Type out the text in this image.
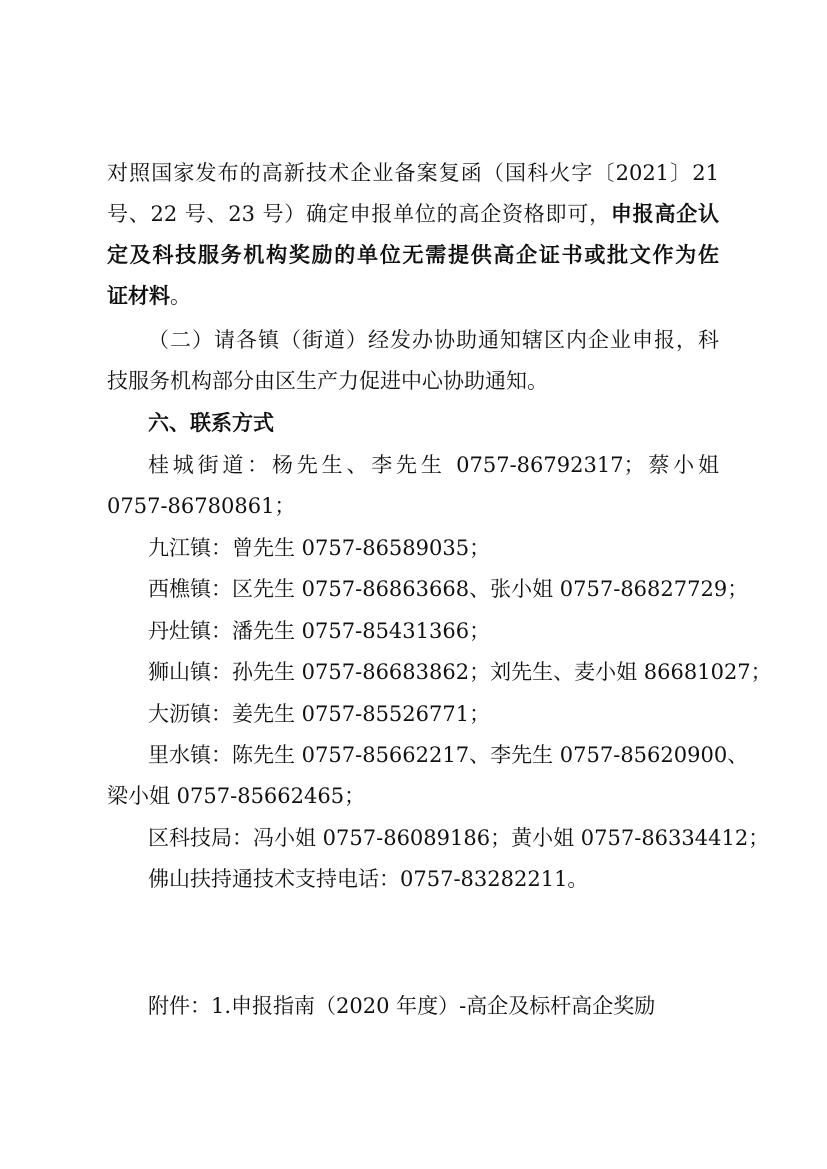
对照国家发布的高新技术企业备案复函（国科火字〔2021〕21
号、22 号、23 号）确定申报单位的高企资格即可，申报高企认
定及科技服务机构奖励的单位无需提供高企证书或批文作为佐
证材料。
（二）请各镇（街道）经发办协助通知辖区内企业申报，科
技服务机构部分由区生产力促进中心协助通知。
六、联系方式
桂城街道：杨先生、李先生 0757-86792317；蔡小姐
0757-86780861；
九江镇：曾先生 0757-86589035；
西樵镇：区先生 0757-86863668、张小姐 0757-86827729；
丹灶镇：潘先生 0757-85431366；
狮山镇：孙先生 0757-86683862；刘先生、麦小姐 86681027；
大沥镇：姜先生 0757-85526771；
里水镇：陈先生 0757-85662217、李先生 0757-85620900、
梁小姐 0757-85662465；
区科技局：冯小姐 0757-86089186；黄小姐 0757-86334412；
佛山扶持通技术支持电话：0757-83282211。
附件：1.申报指南（2020 年度）-高企及标杆高企奖励
